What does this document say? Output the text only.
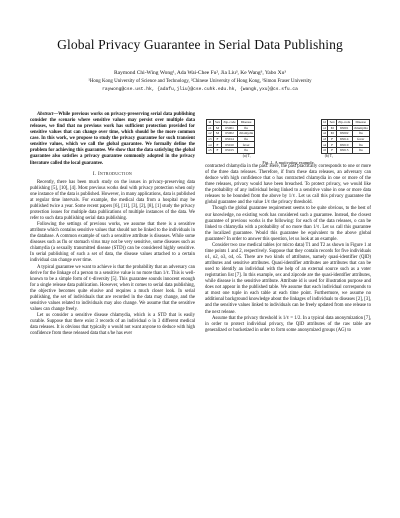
Global Privacy Guarantee in Serial Data Publishing
Raymond Chi-Wing Wong¹, Ada Wai-Chee Fu², Jia Liu³, Ke Wang³, Yabo Xu³
¹Hong Kong University of Science and Technology, ²Chinese University of Hong Kong, ³Simon Fraser University
raywong@cse.ust.hk, {adafu,jliu}@cse.cuhk.edu.hk, {wangk,yxu}@cs.sfu.ca
Abstract—While previous works on privacy-preserving serial data publishing consider the scenario where sensitive values may persist over multiple data releases, we find that no previous work has sufficient protection provided for sensitive values that can change over time, which should be the more common case. In this work, we propose to study the privacy guarantee for such transient sensitive values, which we call the global guarantee. We formally define the problem for achieving this guarantee. We show that the data satisfying the global guarantee also satisfies a privacy guarantee commonly adopted in the privacy literature called the local guarantee.
I. Introduction

Recently, there has been much study on the issues in privacy-preserving data publishing [5], [10], [4]. Most previous works deal with privacy protection when only one instance of the data is published. However, in many applications, data is published at regular time intervals. For example, the medical data from a hospital may be published twice a year. Some recent papers [6], [11], [3], [2], [8], [1] study the privacy protection issues for multiple data publications of multiple instances of the data. We refer to such data publishing serial data publishing.

Following the settings of previous works, we assume that there is a sensitive attribute which contains sensitive values that should not be linked to the individuals in the database. A common example of such a sensitive attribute is diseases. While some diseases such as flu or stomach virus may not be very sensitive, some diseases such as chlamydia (a sexually transmitted disease (STD)) can be considered highly sensitive. In serial publishing of such a set of data, the disease values attached to a certain individual can change over time.

A typical guarantee we want to achieve is that the probability that an adversary can derive for the linkage of a person to a sensitive value is no more than 1/ℓ. This is well-known to be a simple form of ℓ-diversity [5]. This guarantee sounds innocent enough for a single release data publication. However, when it comes to serial data publishing, the objective becomes quite elusive and requires a much closer look. In serial publishing, the set of individuals that are recorded in the data may change, and the sensitive values related to individuals may also change. We assume that the sensitive values can change freely.

Let us consider a sensitive disease chlamydia, which is a STD that is easily curable. Suppose that there exist 3 records of an individual o in 3 different medical data releases. It is obvious that typically o would not want anyone to deduce with high confidence from these released data that s/he has ever

id	Sex	Zip-code	Disease
o1	M	65001	flu
o2	M	65002	chlamydia
o3	F	65014	flu
o4	F	65010	fever
o5	F	65015	flu
id	Sex	Zip-code	Disease
o1	M	65001	chlamydia
o2	M	65002	flu
o3	F	65014	fever
o4	F	65010	flu
o5	F	65015	flu
(a) T₁	(b) T₂
Fig. 1. A motivating example

contracted chlamydia in the past. Here, the past practically corresponds to one or more of the three data releases. Therefore, if from these data releases, an adversary can deduce with high confidence that o has contracted chlamydia in one or more of the three releases, privacy would have been breached. To protect privacy, we would like the probability of any individual being linked to a sensitive value in one or more data releases to be bounded from the above by 1/ℓ. Let us call this privacy guarantee the global guarantee and the value 1/ℓ the privacy threshold.

Though the global guarantee requirement seems to be quite obvious, to the best of our knowledge, no existing work has considered such a guarantee. Instead, the closest guarantee of previous works is the following: for each of the data releases, o can be linked to chlamydia with a probability of no more than 1/ℓ. Let us call this guarantee the localized guarantee. Would this guarantee be equivalent to the above global guarantee? In order to answer this question, let us look at an example.

Consider two raw medical tables (or micro data) T1 and T2 as shown in Figure 1 at time points 1 and 2, respectively. Suppose that they contain records for five individuals o1, o2, o3, o4, o5. There are two kinds of attributes, namely quasi-identifier (QID) attributes and sensitive attributes. Quasi-identifier attributes are attributes that can be used to identify an individual with the help of an external source such as a voter registration list [7]. In this example, sex and zipcode are the quasi-identifier attributes, while disease is the sensitive attribute. Attribute id is used for illustration purpose and does not appear in the published table. We assume that each individual corresponds to at most one tuple in each table at each time point. Furthermore, we assume no additional background knowledge about the linkages of individuals to diseases [2], [3], and the sensitive values linked to individuals can be freely updated from one release to the next release.

Assume that the privacy threshold is 1/ℓ = 1/2. In a typical data anonymization [7], in order to protect individual privacy, the QID attributes of the raw table are generalized or bucketized in order to form some anonymized groups (AG) to
